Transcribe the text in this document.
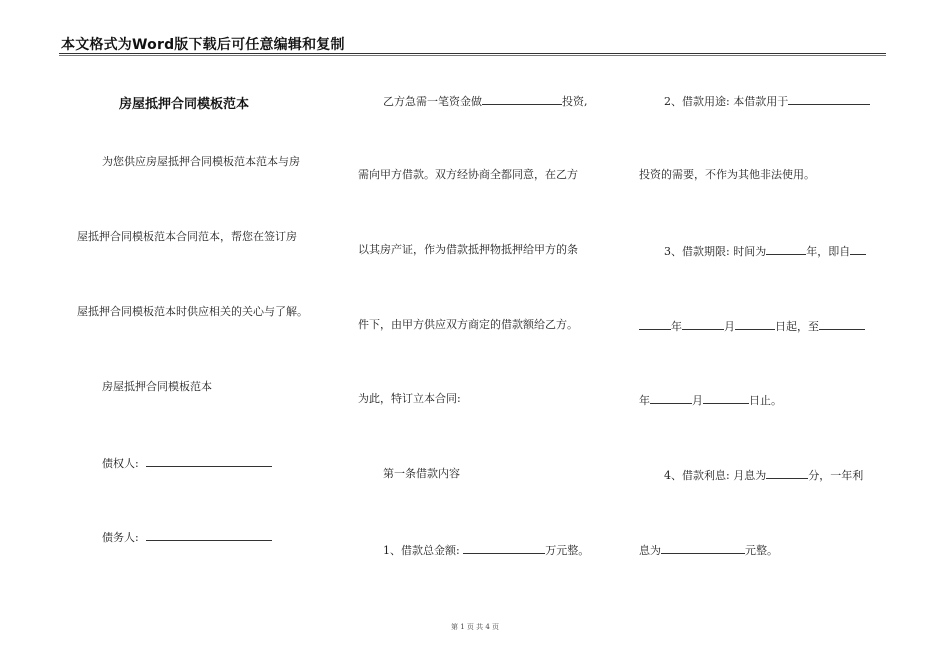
本文格式为Word版下载后可任意编辑和复制
房屋抵押合同模板范本
为您供应房屋抵押合同模板范本范本与房
屋抵押合同模板范本合同范本，帮您在签订房
屋抵押合同模板范本时供应相关的关心与了解。
房屋抵押合同模板范本
债权人:
债务人:
乙方急需一笔资金做	投资,
需向甲方借款。双方经协商全都同意，在乙方
以其房产证，作为借款抵押物抵押给甲方的条
件下，由甲方供应双方商定的借款额给乙方。
为此，特订立本合同:
第一条借款内容
1、借款总金额:	万元整。
2、借款用途: 本借款用于
投资的需要，不作为其他非法使用。
3、借款期限: 时间为	年，即自
年	月	日起，至
年	月	日止。
4、借款利息: 月息为	分，一年利
息为	元整。
第 1 页 共 4 页
